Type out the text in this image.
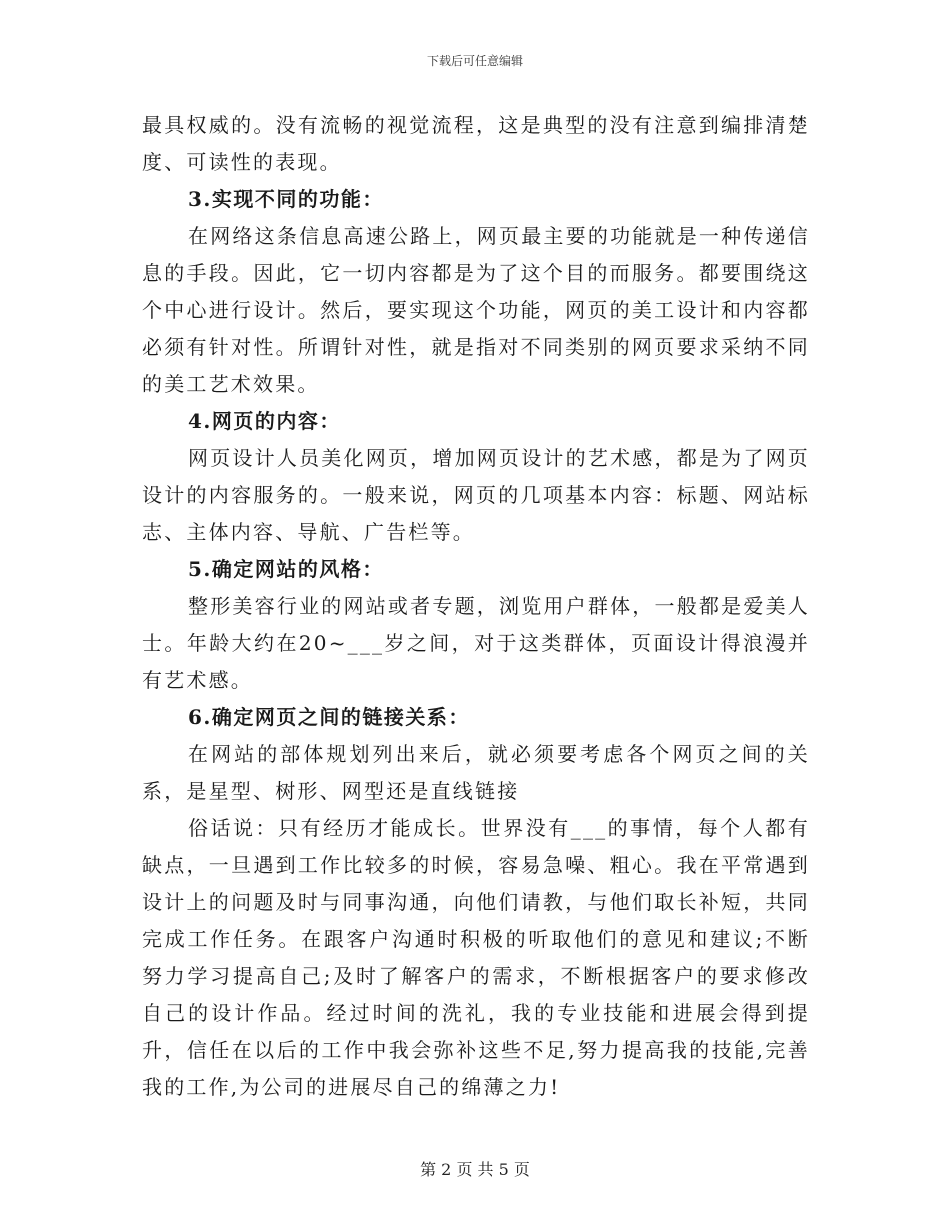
下载后可任意编辑

最具权威的。没有流畅的视觉流程，这是典型的没有注意到编排清楚度、可读性的表现。

3.实现不同的功能：

在网络这条信息高速公路上，网页最主要的功能就是一种传递信息的手段。因此，它一切内容都是为了这个目的而服务。都要围绕这个中心进行设计。然后，要实现这个功能，网页的美工设计和内容都必须有针对性。所谓针对性，就是指对不同类别的网页要求采纳不同的美工艺术效果。

4.网页的内容：

网页设计人员美化网页，增加网页设计的艺术感，都是为了网页设计的内容服务的。一般来说，网页的几项基本内容：标题、网站标志、主体内容、导航、广告栏等。

5.确定网站的风格：

整形美容行业的网站或者专题，浏览用户群体，一般都是爱美人士。年龄大约在20~___岁之间，对于这类群体，页面设计得浪漫并有艺术感。

6.确定网页之间的链接关系：

在网站的部体规划列出来后，就必须要考虑各个网页之间的关系，是星型、树形、网型还是直线链接

俗话说：只有经历才能成长。世界没有___的事情，每个人都有缺点，一旦遇到工作比较多的时候，容易急噪、粗心。我在平常遇到设计上的问题及时与同事沟通，向他们请教，与他们取长补短，共同完成工作任务。在跟客户沟通时积极的听取他们的意见和建议;不断努力学习提高自己;及时了解客户的需求，不断根据客户的要求修改自己的设计作品。经过时间的洗礼，我的专业技能和进展会得到提升，信任在以后的工作中我会弥补这些不足,努力提高我的技能,完善我的工作,为公司的进展尽自己的绵薄之力!

第 2 页 共 5 页
